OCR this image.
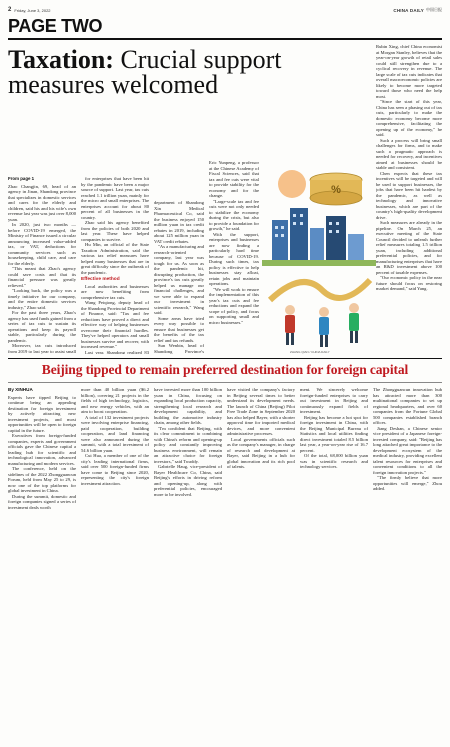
2 Friday, June 3, 2022	CHINA DAILY 中国日报
PAGE TWO
Taxation: Crucial support measures welcomed
From page 1

Zhao Changjin, 69, head of an agency in Jinan, Shandong province that specializes in domestic services and cares for the elderly and children, said his and his wife's own revenue last year was just over 8,000 yuan.

In 2020, just two months — before COVID-19 emerged, the Ministry of Finance issued a circular announcing increased value-added tax, or VAT, deductions for community services such as housekeeping, child care, and care for the elderly.

"This meant that Zhao's agency could save costs and that its financial pressure was greatly relieved."

"Looking back, the policy was a timely initiative for our company, and the entire domestic services industry," Zhao said.

For the past three years, Zhao's agency has used funds gained from a series of tax cuts to sustain its operations and keep its payroll stable, particularly during the pandemic.

Moreover, tax cuts introduced from 2019 to last year to assist small

for enterprises that have been hit by the pandemic have been a major source of support. Last year, tax cuts reached 1.1 trillion yuan, mainly for the micro and small enterprises. The enterprises account for about 80 percent of all businesses in the country.

Zhao said his agency benefited from the policies of both 2020 and last year. These have helped companies to survive.

Hu Min, an official of the State Taxation Administration, said the various tax relief measures have helped many businesses that are in great difficulty since the outbreak of the pandemic.

Effective method

Local authorities and businesses are now benefiting from comprehensive tax cuts.

Wang Peiqiong, deputy head of the Shandong Provincial Department of Finance, said: "Tax and fee reductions have proved a direct and effective way of helping businesses overcome their financial hurdles. They've helped operators and small businesses survive and recover, with increased revenue."

Last year, Shandong realized 83

department of Shandong Xin Medical Pharmaceutical Co, said the business enjoyed 150 million yuan in tax credit rebates in 2019, including about 125 million yuan in VAT credit rebates.

"As a manufacturing and research-oriented company, last year was tough for us. As soon as the pandemic hit, disrupting production, the province's tax cuts greatly helped us manage our financial challenges, and we were able to expand our investment in scientific research," Wang said.

Some areas have tried every way possible to ensure that businesses get the benefits of the tax relief and tax refunds.

Sun Wenbin, head of Shandong Province's

Eric Yunpeng, a professor at the Chinese Academy of Fiscal Sciences, said that tax and fee cuts were vital to provide stability for the economy and for the change.

"Large-scale tax and fee cuts were not only needed to stabilize the economy during the crisis, but also to provide a foundation for growth," he said.

With the support, enterprises and businesses are now finding a particularly hard time because of COVID-19. During such times, tax policy is effective to help businesses stay afloat, retain jobs and maintain operations.

"We will work to ensure the implementation of this year's tax cuts and fee reductions and expand the scope of policy, and focus on supporting small and micro businesses."

Rubin Xing, chief China economist at Morgan Stanley, believes that the year-on-year growth of retail sales could still strengthen due to a cyclical recovery in revenue. The large scale of tax cuts indicates that overall macroeconomic policies are likely to become more targeted toward those who need the help most.

"Since the start of this year, China has seen a phasing out of tax cuts, particularly to make the domestic economy become more comprehensive, facilitating the opening up of the economy," he said.

Such a process will bring small challenges for firms, and to make such a pragmatic approach is needed for recovery, and incentives aimed at businesses should be stable and consistent.

Chen expects that these tax incentives will be targeted and will be used to support businesses, the jobs that have been hit hardest by the pandemic, as well as technology and innovative businesses, which are part of the country's high-quality development drive.

Such measures are already in the pipeline. On March 25, an executive meeting of the State Council decided to unleash further relief measures totaling 1.5 trillion yuan, including additional preferential policies, and for manufacturing enterprises that have an R&D investment above 100 percent of taxable expenses.

"Our economic policy in the near future should focus on restoring market demand," said Yang.

%
ZHANG QIAN / CHINA DAILY
Beijing tipped to remain preferred destination for foreign capital
By XINHUA

Experts have tipped Beijing to continue being an appealing destination for foreign investment by actively attracting new investment projects, and most opportunities will be open to foreign capital in the future.

Executives from foreign-funded companies, experts and government officials gave the Chinese capital a leading hub for scientific and technological innovation, advanced manufacturing and modern services.

The conference, held on the sidelines of the 2022 Zhongguancun Forum, held from May 25 to 29, is now one of the top platforms for global investment in China.

During the summit, domestic and foreign companies signed a series of investment deals worth

more than 40 billion yuan ($6.2 billion), covering 21 projects in the fields of high technology, logistics, and new energy vehicles, with an aim to boost cooperation.

A total of 132 investment projects were involving enterprise financing, paid cooperation, building cooperation, and land financing were also announced during the summit, with a total investment of 54.6 billion yuan.

Cui Hua, a member of one of the city's leading international firms, said over 500 foreign-funded firms have come to Beijing since 2020, representing the city's foreign investment attraction.

have invested more than 100 billion yuan in China, focusing on expanding local production capacity, strengthening local research and development capability, and building the automotive industry chain, among other fields.

"I'm confident that Beijing, with its clear commitment to combining with China's reform and opening-up policy and constantly improving business environment, will remain an attractive choice for foreign investors," said Twaddy.

Gabrielle Haug, vice-president of Bayer Healthcare Co, China, said Beijing's efforts in driving reform and opening-up, along with preferential policies, encouraged more to be involved.

have visited the company's factory in Beijing several times to better understand its development needs. The launch of China (Beijing) Pilot Free Trade Zone in September 2020 has also helped Bayer, with a shorter approval time for imported medical devices, and more convenient administrative processes.

Local governments officials such as the company's manager, in charge of research and development at Bayer, said Beijing in a hub for global innovation and its rich pool of talents.

ment. We sincerely welcome foreign-funded enterprises to carry out investment in Beijing and continuously expand fields of investment.

Beijing has become a hot spot for foreign investment in China, with the Beijing Municipal Bureau of Statistics and local utilities finding direct investment totaled 8.5 billion last year, a year-on-year rise of 16.7 percent.

Of the total, 68,000 billion yuan was in scientific research and technology services.

The Zhongguancun innovation hub has attracted more than 300 multinational companies to set up regional headquarters, and over 60 companies from the Fortune Global 500 companies established branch offices.

Jiang Deshan, a Chinese senior vice president of a Japanese foreign-invested company, said: "Beijing has long attached great importance to the development ecosystem of the medical industry, providing excellent talent resources for enterprises and convenient conditions to all the foreign innovation projects."

"The firmly believe that more opportunities will emerge," Zhou added.
